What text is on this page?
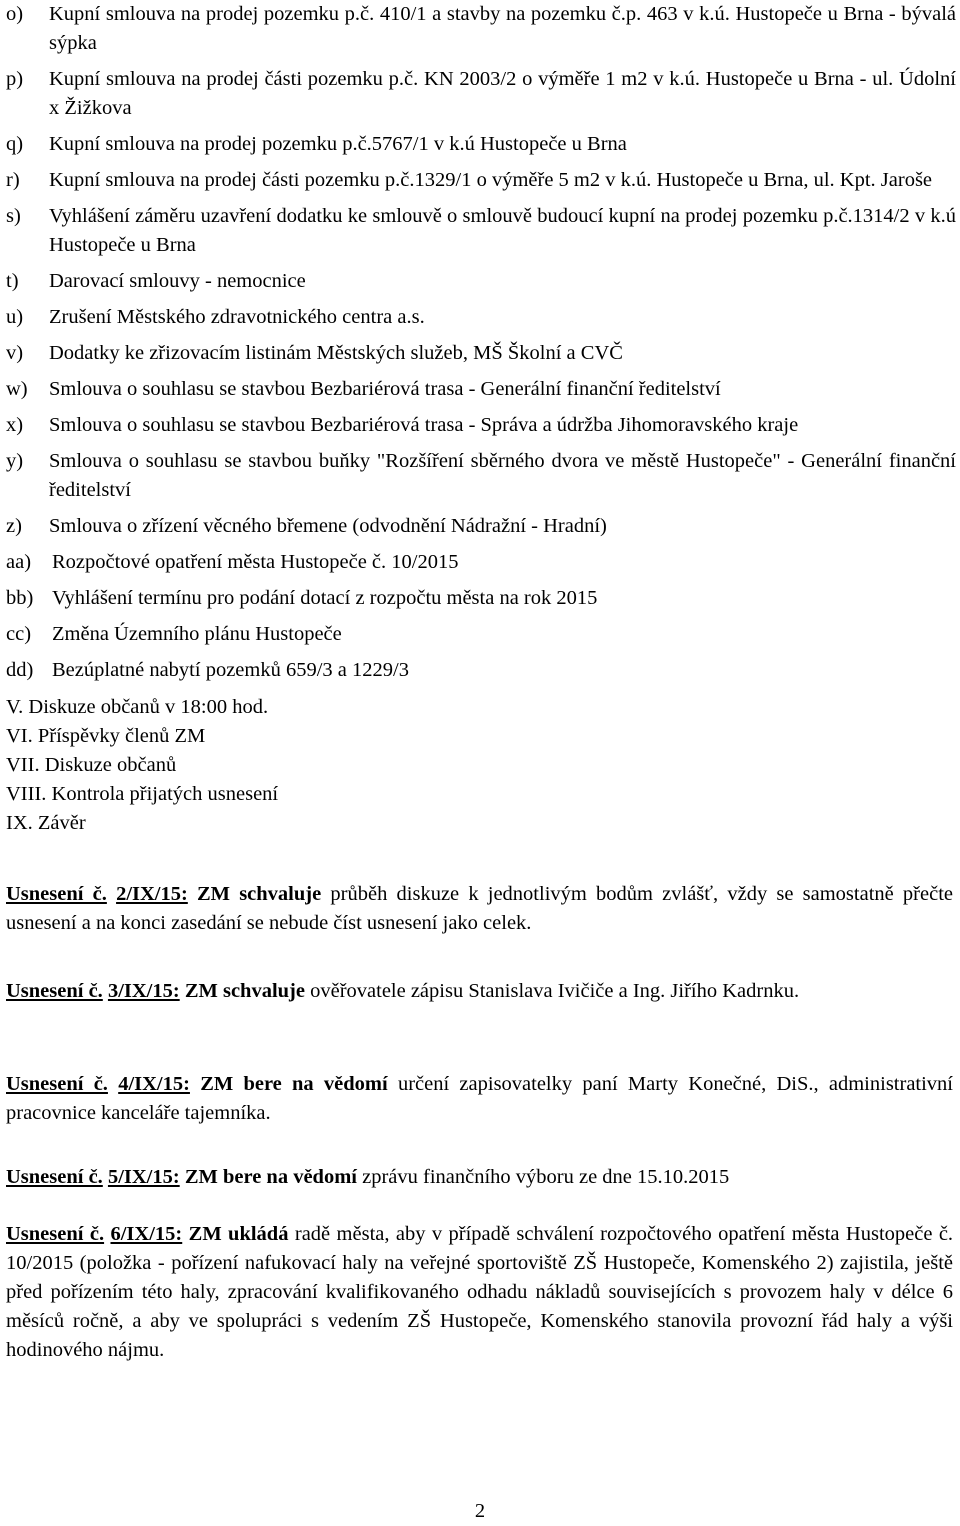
o)	Kupní smlouva na prodej pozemku p.č. 410/1 a stavby na pozemku č.p. 463 v k.ú. Hustopeče u Brna - bývalá sýpka
p)	Kupní smlouva na prodej části pozemku p.č. KN 2003/2 o výměře 1 m2 v k.ú. Hustopeče u Brna - ul. Údolní x Žižkova
q)	Kupní smlouva na prodej pozemku p.č.5767/1 v k.ú Hustopeče u Brna
r)	Kupní smlouva na prodej části pozemku p.č.1329/1 o výměře 5 m2 v k.ú. Hustopeče u Brna, ul. Kpt. Jaroše
s)	Vyhlášení záměru uzavření dodatku ke smlouvě o smlouvě budoucí kupní na prodej pozemku p.č.1314/2 v k.ú Hustopeče u Brna
t)	Darovací smlouvy - nemocnice
u)	Zrušení Městského zdravotnického centra a.s.
v)	Dodatky ke zřizovacím listinám Městských služeb, MŠ Školní a CVČ
w)	Smlouva o souhlasu se stavbou Bezbariérová trasa - Generální finanční ředitelství
x)	Smlouva o souhlasu se stavbou Bezbariérová trasa - Správa a údržba Jihomoravského kraje
y)	Smlouva o souhlasu se stavbou buňky "Rozšíření sběrného dvora ve městě Hustopeče" - Generální finanční ředitelství
z)	Smlouva o zřízení věcného břemene (odvodnění Nádražní - Hradní)
aa)	Rozpočtové opatření města Hustopeče č. 10/2015
bb) Vyhlášení termínu pro podání dotací z rozpočtu města na rok 2015
cc)	Změna Územního plánu Hustopeče
dd) Bezúplatné nabytí pozemků 659/3 a 1229/3
V. Diskuze občanů v 18:00 hod.
VI. Příspěvky členů ZM
VII. Diskuze občanů
VIII. Kontrola přijatých usnesení
IX. Závěr

Usnesení č. 2/IX/15: ZM schvaluje průběh diskuze k jednotlivým bodům zvlášť, vždy se samostatně přečte usnesení a na konci zasedání se nebude číst usnesení jako celek.

Usnesení č. 3/IX/15: ZM schvaluje ověřovatele zápisu Stanislava Ivičiče a Ing. Jiřího Kadrnku.

Usnesení č. 4/IX/15: ZM bere na vědomí určení zapisovatelky paní Marty Konečné, DiS., administrativní pracovnice kanceláře tajemníka.

Usnesení č. 5/IX/15: ZM bere na vědomí zprávu finančního výboru ze dne 15.10.2015

Usnesení č. 6/IX/15: ZM ukládá radě města, aby v případě schválení rozpočtového opatření města Hustopeče č. 10/2015 (položka - pořízení nafukovací haly na veřejné sportoviště ZŠ Hustopeče, Komenského 2) zajistila, ještě před pořízením této haly, zpracování kvalifikovaného odhadu nákladů souvisejících s provozem haly v délce 6 měsíců ročně, a aby ve spolupráci s vedením ZŠ Hustopeče, Komenského stanovila provozní řád haly a výši hodinového nájmu.

2
